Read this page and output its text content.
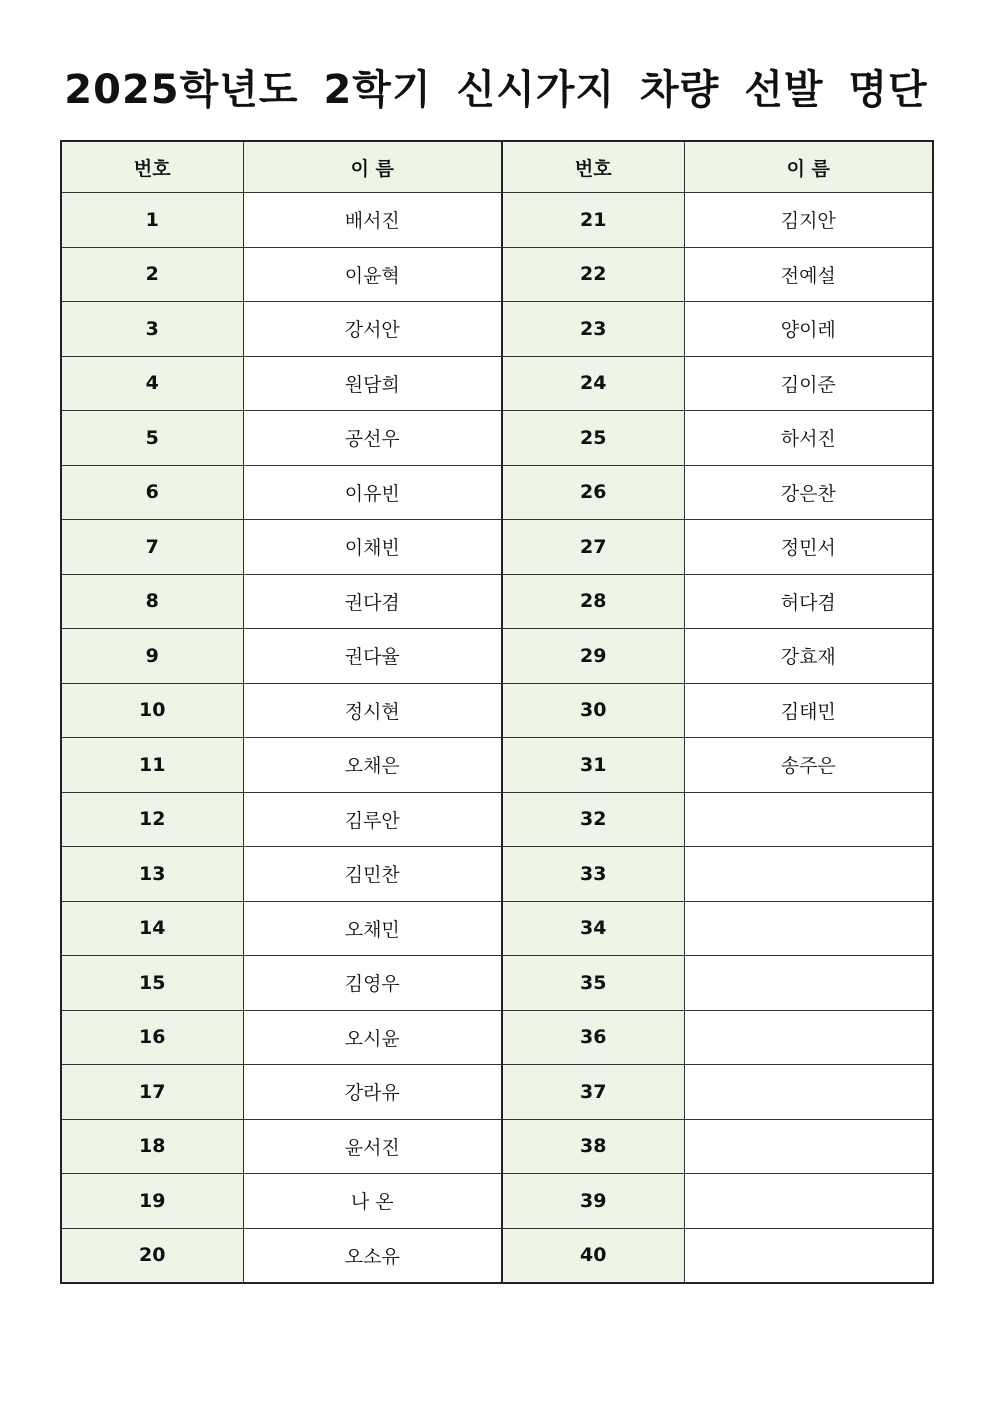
2025학년도 2학기 신시가지 차량 선발 명단
번호	이 름	번호	이 름
1	배서진	21	김지안
2	이윤혁	22	전예설
3	강서안	23	양이레
4	원담희	24	김이준
5	공선우	25	하서진
6	이유빈	26	강은찬
7	이채빈	27	정민서
8	권다겸	28	허다겸
9	권다율	29	강효재
10	정시현	30	김태민
11	오채은	31	송주은
12	김루안	32	
13	김민찬	33	
14	오채민	34	
15	김영우	35	
16	오시윤	36	
17	강라유	37	
18	윤서진	38	
19	나 온	39	
20	오소유	40	
